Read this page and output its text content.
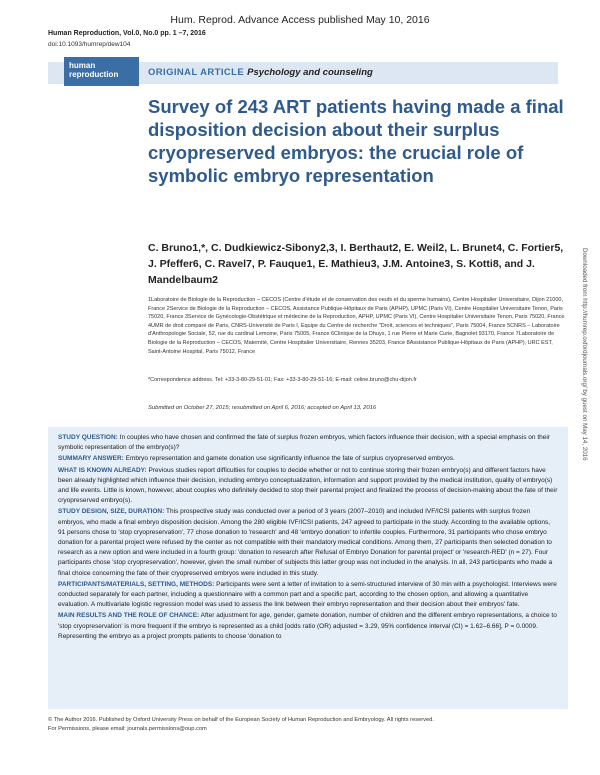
Hum. Reprod. Advance Access published May 10, 2016
Human Reproduction, Vol.0, No.0 pp. 1 –7, 2016
doi:10.1093/humrep/dew104
human
reproduction	ORIGINAL ARTICLE Psychology and counseling
Survey of 243 ART patients having made a final disposition decision about their surplus cryopreserved embryos: the crucial role of symbolic embryo representation
C. Bruno1,*, C. Dudkiewicz-Sibony2,3, I. Berthaut2, E. Weil2, L. Brunet4, C. Fortier5, J. Pfeffer6, C. Ravel7, P. Fauque1, E. Mathieu3, J.M. Antoine3, S. Kotti8, and J. Mandelbaum2
1Laboratoire de Biologie de la Reproduction – CECOS (Centre d'étude et de conservation des oeufs et du sperme humains), Centre Hospitalier Universitaire, Dijon 21000, France 2Service de Biologie de la Reproduction – CECOS, Assistance Publique-Hôpitaux de Paris (APHP), UPMC (Paris VI), Centre Hospitalier Universitaire Tenon, Paris 75020, France 3Service de Gynécologie-Obstétrique et médecine de la Reproduction, APHP, UPMC (Paris VI), Centre Hospitalier Universitaire Tenon, Paris 75020, France 4UMR de droit comparé de Paris, CNRS-Université de Paris I, Equipe du Centre de recherche "Droit, sciences et techniques", Paris 75004, France 5CNRS – Laboratoire d'Anthropologie Sociale, 52, rue du cardinal Lemoine, Paris 75005, France 6Clinique de la Dhuys, 1 rue Pierre et Marie Curie, Bagnolet 93170, France 7Laboratoire de Biologie de la Reproduction – CECOS, Maternité, Centre Hospitalier Universitaire, Rennes 35203, France 8Assistance Publique-Hôpitaux de Paris (APHP), URC EST, Saint-Antoine Hospital, Paris 75012, France
*Correspondence address. Tel: +33-3-80-29-51-01; Fax: +33-3-80-29-51-16; E-mail: celine.bruno@chu-dijon.fr
Submitted on October 27, 2015; resubmitted on April 6, 2016; accepted on April 13, 2016

STUDY QUESTION: In couples who have chosen and confirmed the fate of surplus frozen embryos, which factors influence their decision, with a special emphasis on their symbolic representation of the embryo(s)?

SUMMARY ANSWER: Embryo representation and gamete donation use significantly influence the fate of surplus cryopreserved embryos.

WHAT IS KNOWN ALREADY: Previous studies report difficulties for couples to decide whether or not to continue storing their frozen embryo(s) and different factors have been already highlighted which influence their decision, including embryo conceptualization, information and support provided by the medical institution, quality of embryo(s) and life events. Little is known, however, about couples who definitely decided to stop their parental project and finalized the process of decision-making about the fate of their cryopreserved embryo(s).

STUDY DESIGN, SIZE, DURATION: This prospective study was conducted over a period of 3 years (2007–2010) and included IVF/ICSI patients with surplus frozen embryos, who made a final embryo disposition decision. Among the 280 eligible IVF/ICSI patients, 247 agreed to participate in the study. According to the available options, 91 persons chose to 'stop cryopreservation', 77 chose donation to 'research' and 48 'embryo donation' to infertile couples. Furthermore, 31 participants who chose embryo donation for a parental project were refused by the center as not compatible with their mandatory medical conditions. Among them, 27 participants then selected donation to research as a new option and were included in a fourth group: 'donation to research after Refusal of Embryo Donation for parental project' or 'research-RED' (n = 27). Four participants chose 'stop cryopreservation', however, given the small number of subjects this latter group was not included in the analysis. In all, 243 participants who made a final choice concerning the fate of their cryopreserved embryos were included in this study.

PARTICIPANTS/MATERIALS, SETTING, METHODS: Participants were sent a letter of invitation to a semi-structured interview of 30 min with a psychologist. Interviews were conducted separately for each partner, including a questionnaire with a common part and a specific part, according to the chosen option, and allowing a quantitative evaluation. A multivariate logistic regression model was used to assess the link between their embryo representation and their decision about their embryos' fate.

MAIN RESULTS AND THE ROLE OF CHANCE: After adjustment for age, gender, gamete donation, number of children and the different embryo representations, a choice to 'stop cryopreservation' is more frequent if the embryo is represented as a child [odds ratio (OR) adjusted = 3.29, 95% confidence interval (CI) = 1.62–6.66], P = 0.0009. Representing the embryo as a project prompts patients to choose 'donation to

© The Author 2016. Published by Oxford University Press on behalf of the European Society of Human Reproduction and Embryology. All rights reserved.
For Permissions, please email: journals.permissions@oup.com
Downloaded from http://humrep.oxfordjournals.org/ by guest on May 14, 2016
